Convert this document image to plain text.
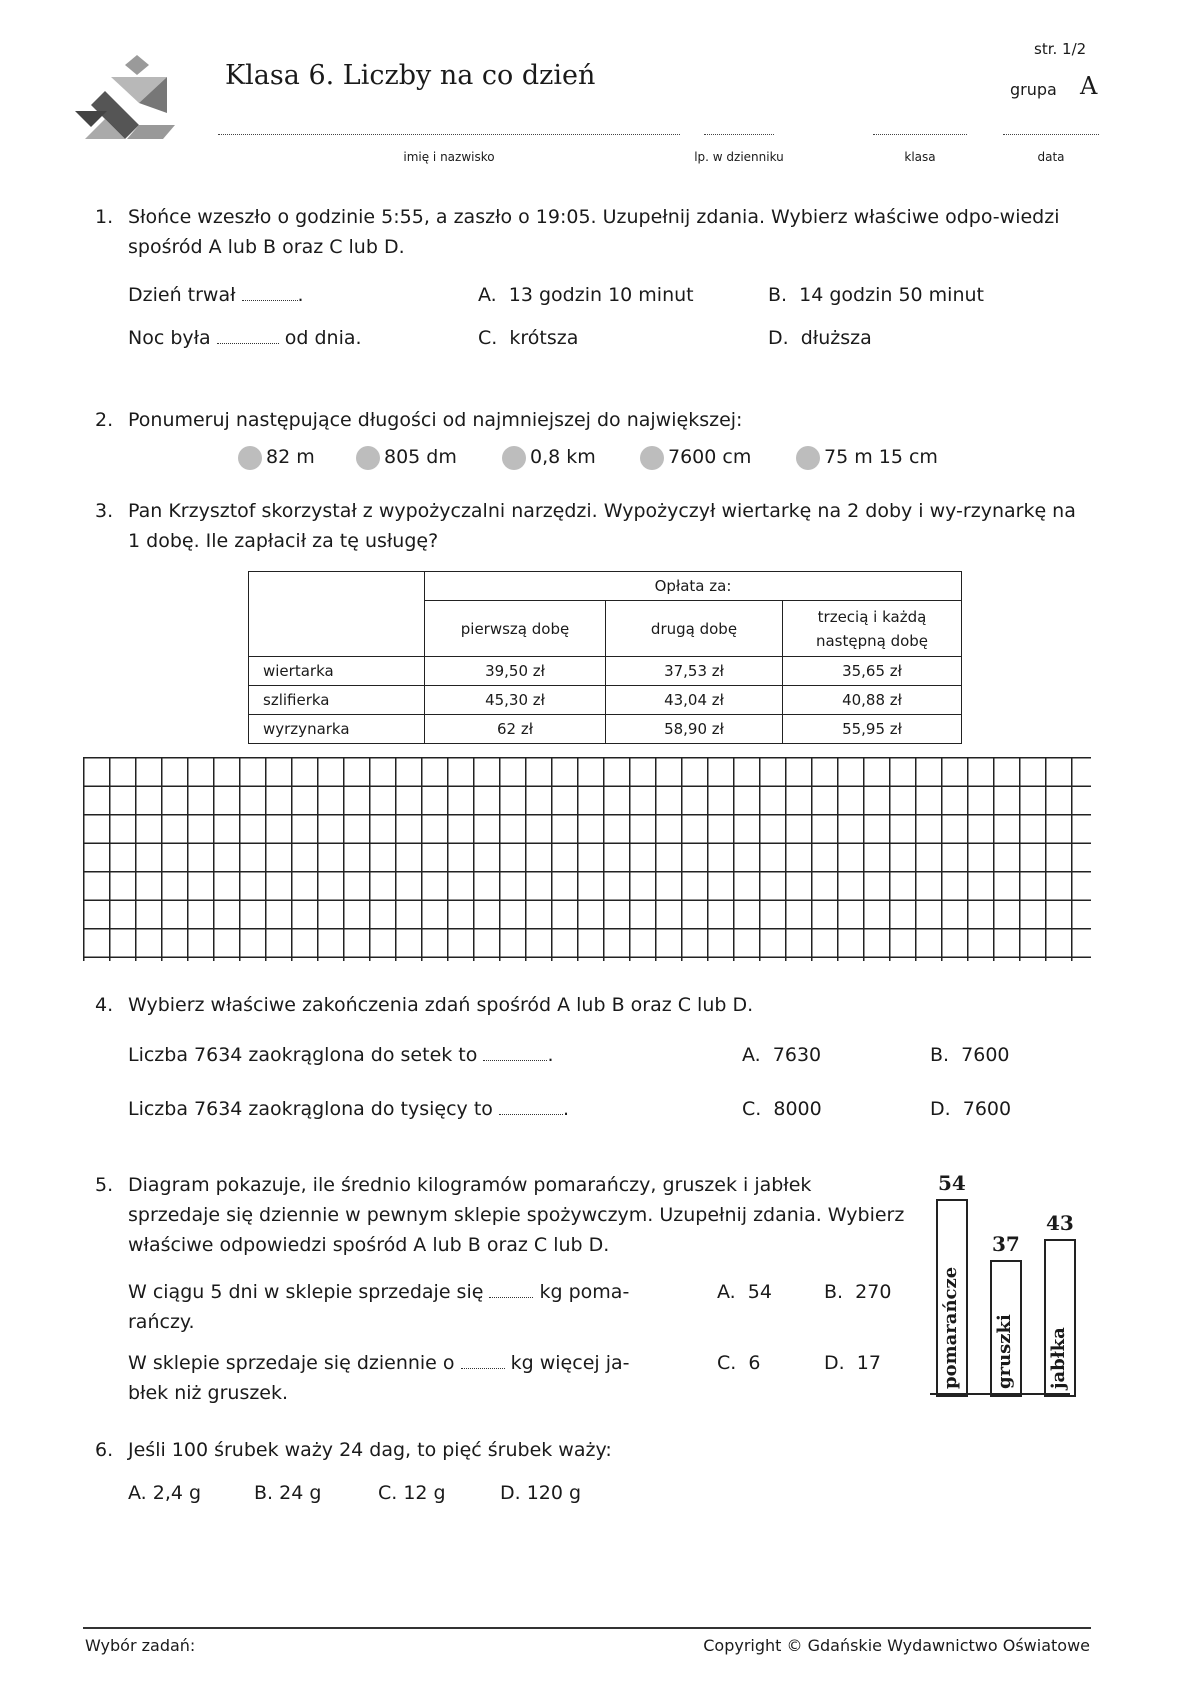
Klasa 6. Liczby na co dzień
str. 1/2
grupa A
imię i nazwisko	lp. w dzienniku	klasa	data
1. Słońce wzeszło o godzinie 5:55, a zaszło o 19:05. Uzupełnij zdania. Wybierz właściwe odpo-wiedzi spośród A lub B oraz C lub D.
Dzień trwał	.
Noc była	od dnia.
A.  13 godzin 10 minut	B.  14 godzin 50 minut
C.  krótsza	D.  dłuższa
2. Ponumeruj następujące długości od najmniejszej do największej:
82 m	805 dm	0,8 km	7600 cm	75 m 15 cm
3. Pan Krzysztof skorzystał z wypożyczalni narzędzi. Wypożyczył wiertarkę na 2 doby i wy-rzynarkę na 1 dobę. Ile zapłacił za tę usługę?
	Opłata za:		
	pierwszą dobę	drugą dobę	trzecią i każdą
następną dobę
wiertarka	39,50 zł	37,53 zł	35,65 zł
szlifierka	45,30 zł	43,04 zł	40,88 zł
wyrzynarka	62 zł	58,90 zł	55,95 zł
4. Wybierz właściwe zakończenia zdań spośród A lub B oraz C lub D.
Liczba 7634 zaokrąglona do setek to	.
Liczba 7634 zaokrąglona do tysięcy to	.
A.  7630	B.  7600
C.  8000	D.  7600
5. Diagram pokazuje, ile średnio kilogramów pomarańczy, gruszek i jabłek sprzedaje się dziennie w pewnym sklepie spożywczym. Uzupełnij zdania. Wybierz właściwe odpowiedzi spośród A lub B oraz C lub D.
W ciągu 5 dni w sklepie sprzedaje się	kg poma-
rańczy.
W sklepie sprzedaje się dziennie o	kg więcej ja-
błek niż gruszek.
A.  54	B.  270
C.  6	D.  17
54
pomarańcze
37
gruszki
43
jabłka
6. Jeśli 100 śrubek waży 24 dag, to pięć śrubek waży:
A. 2,4 g	B. 24 g	C. 12 g	D. 120 g
Wybór zadań:	Copyright © Gdańskie Wydawnictwo Oświatowe
